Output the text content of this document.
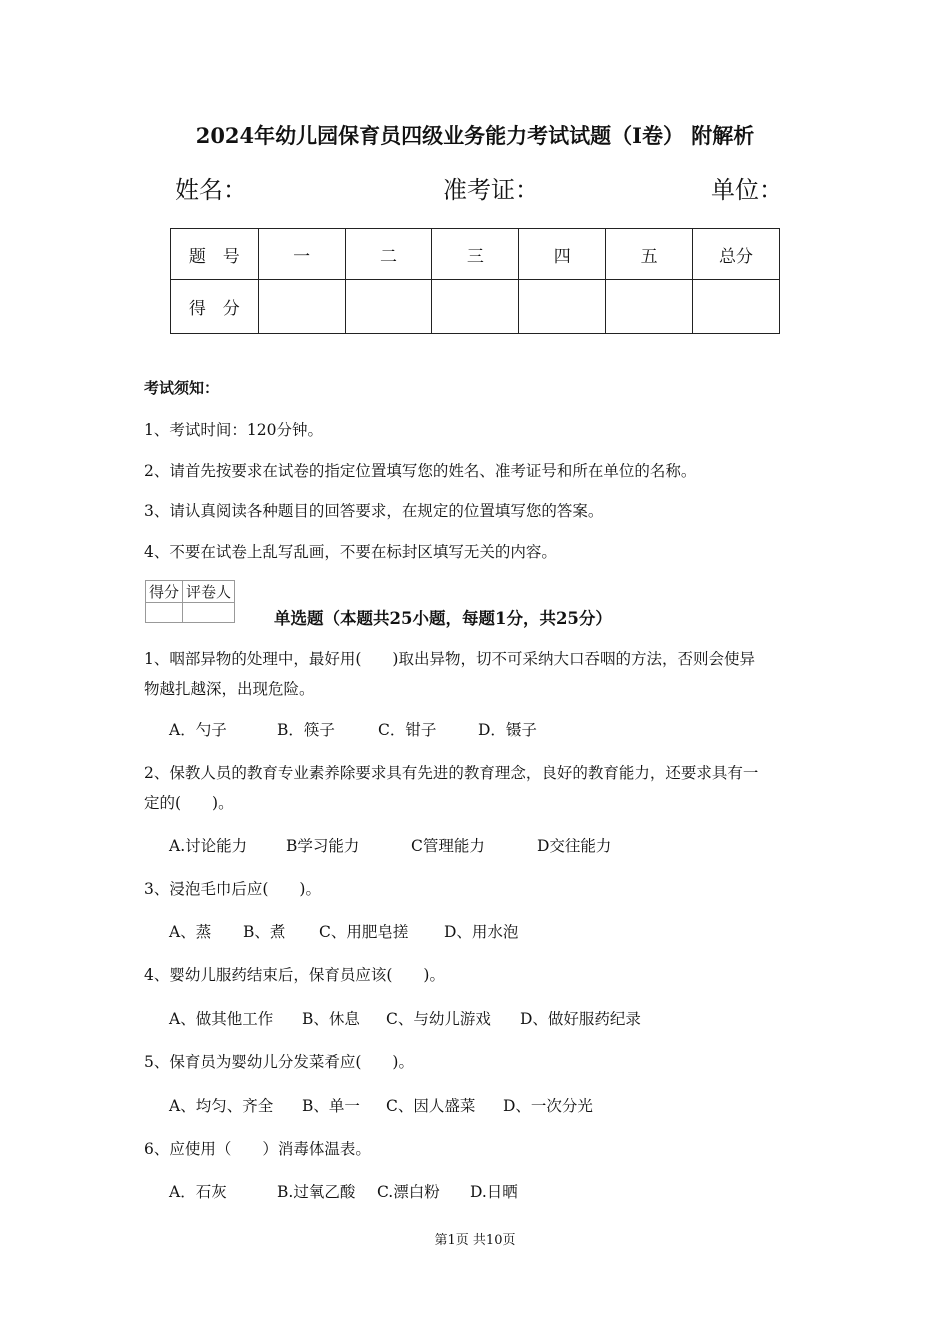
2024年幼儿园保育员四级业务能力考试试题（I卷） 附解析
姓名：	准考证：	单位：
题　号	一	二	三	四	五	总分
得　分						
考试须知：
1、考试时间：120分钟。
2、请首先按要求在试卷的指定位置填写您的姓名、准考证号和所在单位的名称。
3、请认真阅读各种题目的回答要求，在规定的位置填写您的答案。
4、不要在试卷上乱写乱画，不要在标封区填写无关的内容。
得分	评卷人

单选题（本题共25小题，每题1分，共25分）
1、咽部异物的处理中，最好用(　　)取出异物，切不可采纳大口吞咽的方法，否则会使异
物越扎越深，出现危险。
A．勺子	B．筷子	C．钳子	D．镊子
2、保教人员的教育专业素养除要求具有先进的教育理念，良好的教育能力，还要求具有一
定的(　　)。
A.讨论能力	B学习能力	C管理能力	D交往能力
3、浸泡毛巾后应(　　)。
A、蒸 B、煮 C、用肥皂搓 D、用水泡
4、婴幼儿服药结束后，保育员应该(　　)。
A、做其他工作 B、休息 C、与幼儿游戏 D、做好服药纪录
5、保育员为婴幼儿分发菜肴应(　　)。
A、均匀、齐全 B、单一 C、因人盛菜 D、一次分光
6、应使用（　　）消毒体温表。
A．石灰	B.过氧乙酸 C.漂白粉 D.日晒
第1页 共10页
